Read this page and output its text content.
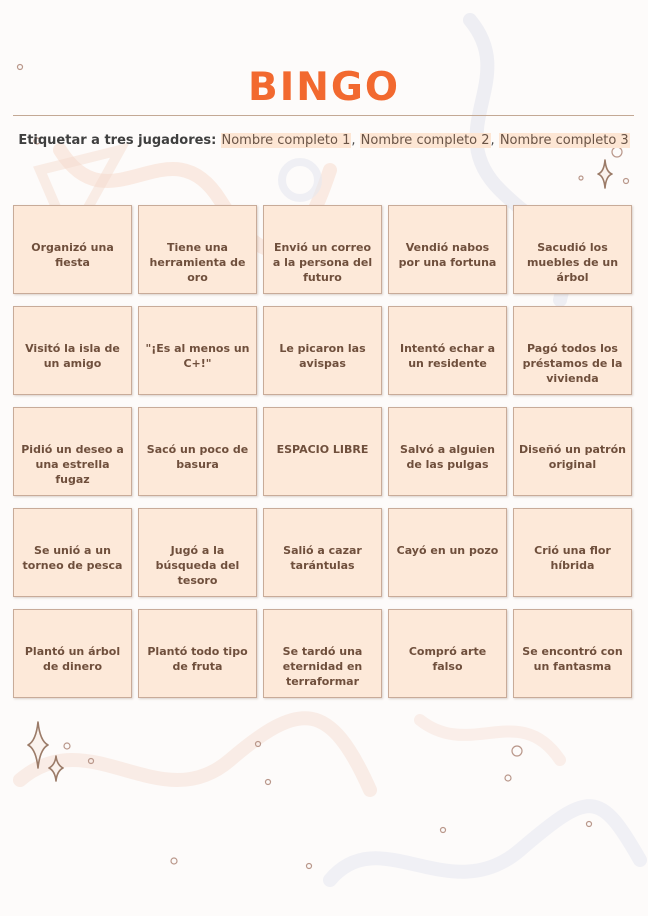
BINGO
Etiquetar a tres jugadores: Nombre completo 1, Nombre completo 2, Nombre completo 3
Organizó una fiesta
Tiene una herramienta de oro
Envió un correo a la persona del futuro
Vendió nabos por una fortuna
Sacudió los muebles de un árbol
Visitó la isla de un amigo
"¡Es al menos un C+!"
Le picaron las avispas
Intentó echar a un residente
Pagó todos los préstamos de la vivienda
Pidió un deseo a una estrella fugaz
Sacó un poco de basura
ESPACIO LIBRE	Salvó a alguien de las pulgas
Diseñó un patrón original
Se unió a un torneo de pesca
Jugó a la búsqueda del tesoro
Salió a cazar tarántulas
Cayó en un pozo	Crió una flor híbrida
Plantó un árbol de dinero
Plantó todo tipo de fruta
Se tardó una eternidad en terraformar
Compró arte falso
Se encontró con un fantasma
